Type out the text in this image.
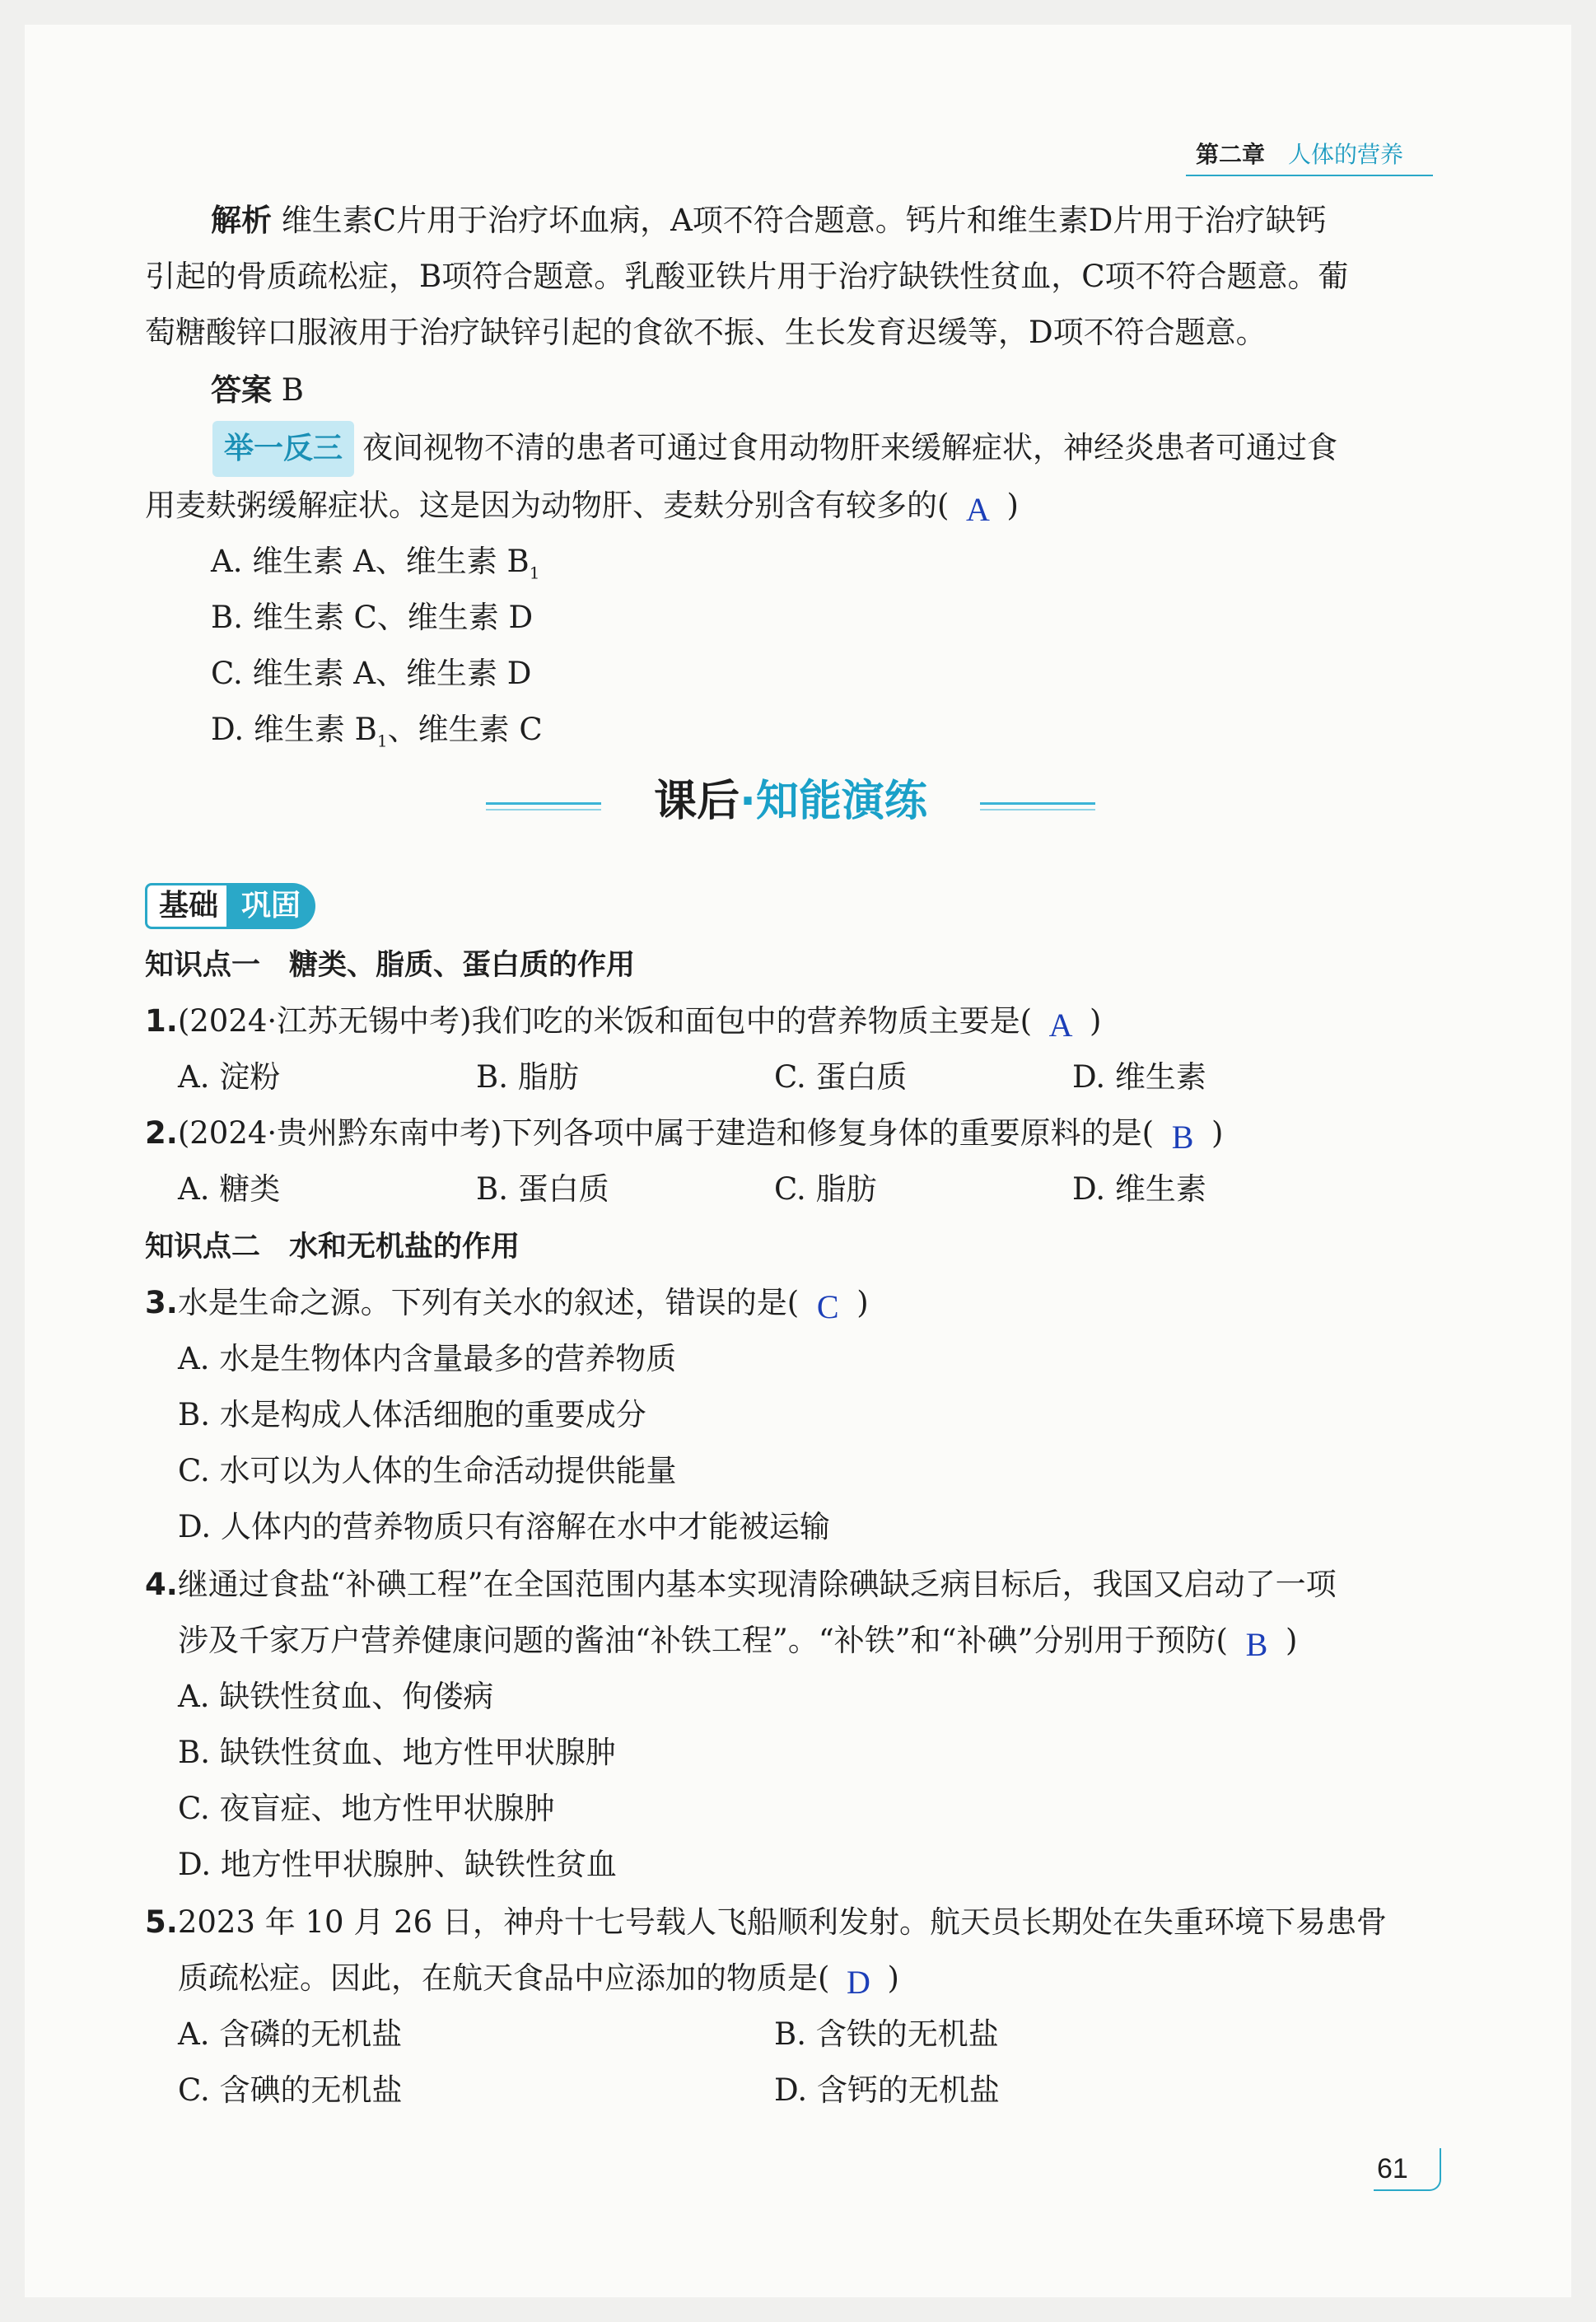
第二章 人体的营养
解析 维生素C片用于治疗坏血病，A项不符合题意。钙片和维生素D片用于治疗缺钙
引起的骨质疏松症，B项符合题意。乳酸亚铁片用于治疗缺铁性贫血，C项不符合题意。葡
萄糖酸锌口服液用于治疗缺锌引起的食欲不振、生长发育迟缓等，D项不符合题意。
答案 B
举一反三 夜间视物不清的患者可通过食用动物肝来缓解症状，神经炎患者可通过食
用麦麸粥缓解症状。这是因为动物肝、麦麸分别含有较多的( A )
A. 维生素 A、维生素 $B_1$
B. 维生素 C、维生素 D
C. 维生素 A、维生素 D
D. 维生素 $B_1$、维生素 C
课后·知能演练
基础 巩固
知识点一　糖类、脂质、蛋白质的作用
1.(2024·江苏无锡中考)我们吃的米饭和面包中的营养物质主要是( A )
A. 淀粉	B. 脂肪	C. 蛋白质	D. 维生素
2.(2024·贵州黔东南中考)下列各项中属于建造和修复身体的重要原料的是( B )
A. 糖类	B. 蛋白质	C. 脂肪	D. 维生素
知识点二　水和无机盐的作用
3.水是生命之源。下列有关水的叙述，错误的是( C )
A. 水是生物体内含量最多的营养物质
B. 水是构成人体活细胞的重要成分
C. 水可以为人体的生命活动提供能量
D. 人体内的营养物质只有溶解在水中才能被运输
4.继通过食盐“补碘工程”在全国范围内基本实现清除碘缺乏病目标后，我国又启动了一项
涉及千家万户营养健康问题的酱油“补铁工程”。“补铁”和“补碘”分别用于预防( B )
A. 缺铁性贫血、佝偻病
B. 缺铁性贫血、地方性甲状腺肿
C. 夜盲症、地方性甲状腺肿
D. 地方性甲状腺肿、缺铁性贫血
5.2023 年 10 月 26 日，神舟十七号载人飞船顺利发射。航天员长期处在失重环境下易患骨
质疏松症。因此，在航天食品中应添加的物质是( D )
A. 含磷的无机盐	B. 含铁的无机盐
C. 含碘的无机盐	D. 含钙的无机盐
61
